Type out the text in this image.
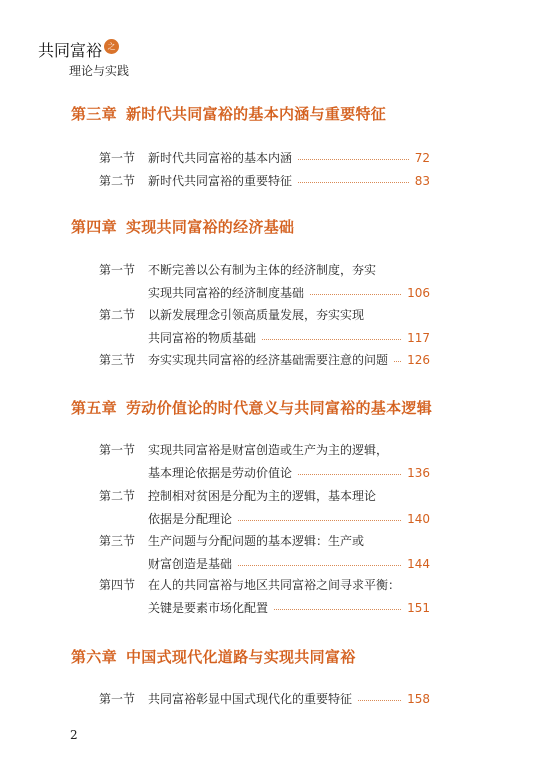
共同富裕 之路
理论与实践
第三章 新时代共同富裕的基本内涵与重要特征
第一节	新时代共同富裕的基本内涵	72
第二节	新时代共同富裕的重要特征	83
第四章 实现共同富裕的经济基础
第一节	不断完善以公有制为主体的经济制度，夯实
实现共同富裕的经济制度基础	106
第二节	以新发展理念引领高质量发展，夯实实现
共同富裕的物质基础	117
第三节	夯实实现共同富裕的经济基础需要注意的问题 126
第五章 劳动价值论的时代意义与共同富裕的基本逻辑
第一节	实现共同富裕是财富创造或生产为主的逻辑，
基本理论依据是劳动价值论	136
第二节	控制相对贫困是分配为主的逻辑，基本理论
依据是分配理论	140
第三节	生产问题与分配问题的基本逻辑：生产或
财富创造是基础	144
第四节	在人的共同富裕与地区共同富裕之间寻求平衡：
关键是要素市场化配置	151
第六章 中国式现代化道路与实现共同富裕
第一节	共同富裕彰显中国式现代化的重要特征	158
2
